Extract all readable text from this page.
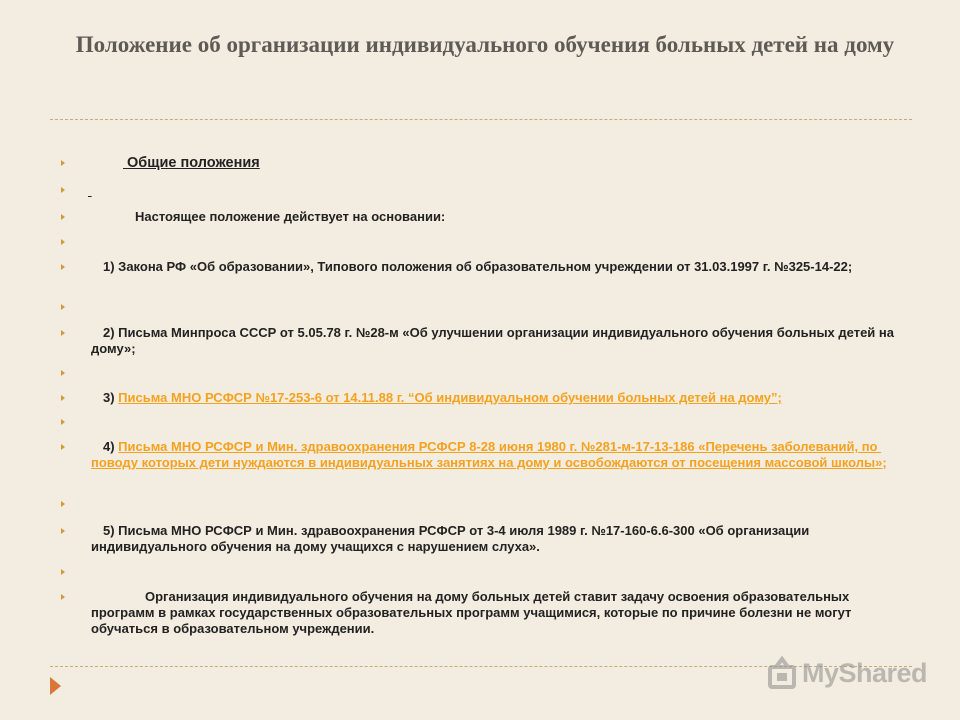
Положение об организации индивидуального обучения больных детей на дому
Общие положения

Настоящее положение действует на основании:
1) Закона РФ «Об образовании», Типового положения об образовательном учреждении от 31.03.1997 г. №325-14-22;
2) Письма Минпроса СССР от 5.05.78 г. №28-м «Об улучшении организации индивидуального обучения больных детей на дому»;
3) Письма МНО РСФСР №17-253-6 от 14.11.88 г. “Об индивидуальном обучении больных детей на дому”;
4) Письма МНО РСФСР и Мин. здравоохранения РСФСР 8-28 июня 1980 г. №281-м-17-13-186 «Перечень заболеваний, по поводу которых дети нуждаются в индивидуальных занятиях на дому и освобождаются от посещения массовой школы»;
5) Письма МНО РСФСР и Мин. здравоохранения РСФСР от 3-4 июля 1989 г. №17-160-6.6-300 «Об организации индивидуального обучения на дому учащихся с нарушением слуха».
Организация индивидуального обучения на дому больных детей ставит задачу освоения образовательных программ в рамках государственных образовательных программ учащимися, которые по причине болезни не могут обучаться в образовательном учреждении.
MyShared
